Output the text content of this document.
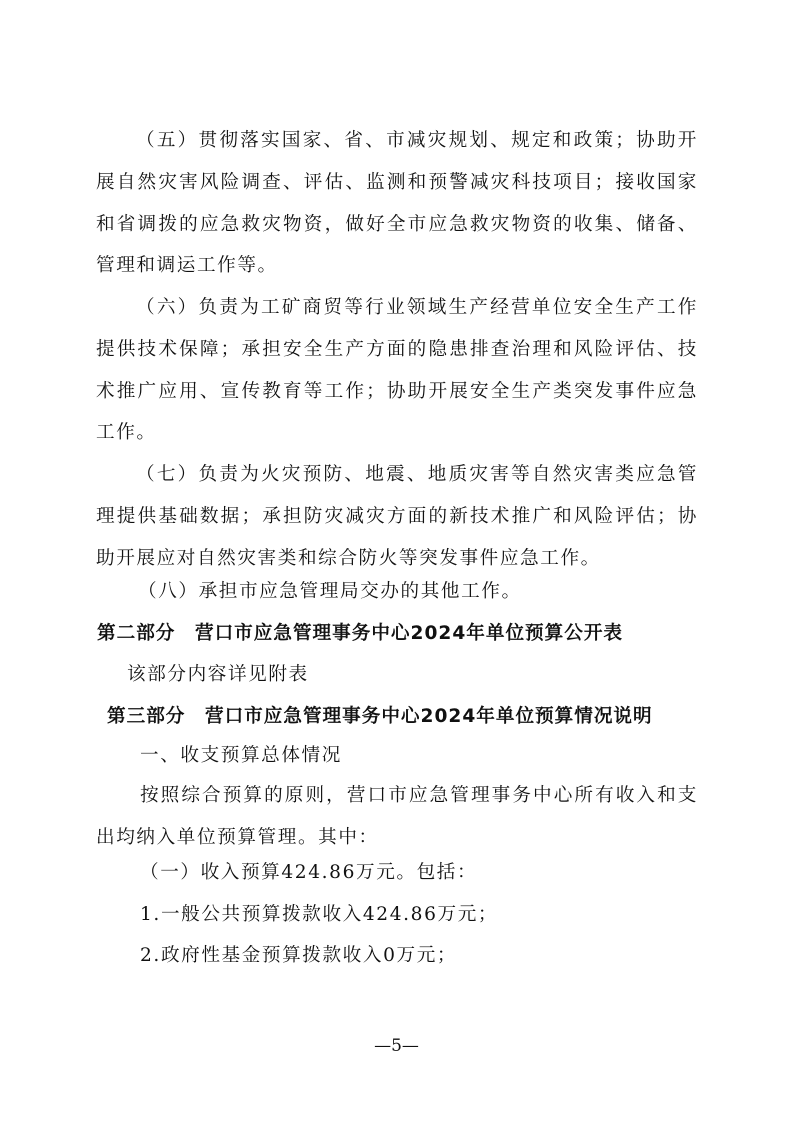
（五）贯彻落实国家、省、市减灾规划、规定和政策；协助开展自然灾害风险调查、评估、监测和预警减灾科技项目；接收国家和省调拨的应急救灾物资，做好全市应急救灾物资的收集、储备、管理和调运工作等。

（六）负责为工矿商贸等行业领域生产经营单位安全生产工作提供技术保障；承担安全生产方面的隐患排查治理和风险评估、技术推广应用、宣传教育等工作；协助开展安全生产类突发事件应急工作。

（七）负责为火灾预防、地震、地质灾害等自然灾害类应急管理提供基础数据；承担防灾减灾方面的新技术推广和风险评估；协助开展应对自然灾害类和综合防火等突发事件应急工作。

（八）承担市应急管理局交办的其他工作。

第二部分　营口市应急管理事务中心2024年单位预算公开表

该部分内容详见附表

第三部分　营口市应急管理事务中心2024年单位预算情况说明

一、收支预算总体情况

按照综合预算的原则，营口市应急管理事务中心所有收入和支出均纳入单位预算管理。其中：

（一）收入预算424.86万元。包括：

1.一般公共预算拨款收入424.86万元；

2.政府性基金预算拨款收入0万元；

—5—
